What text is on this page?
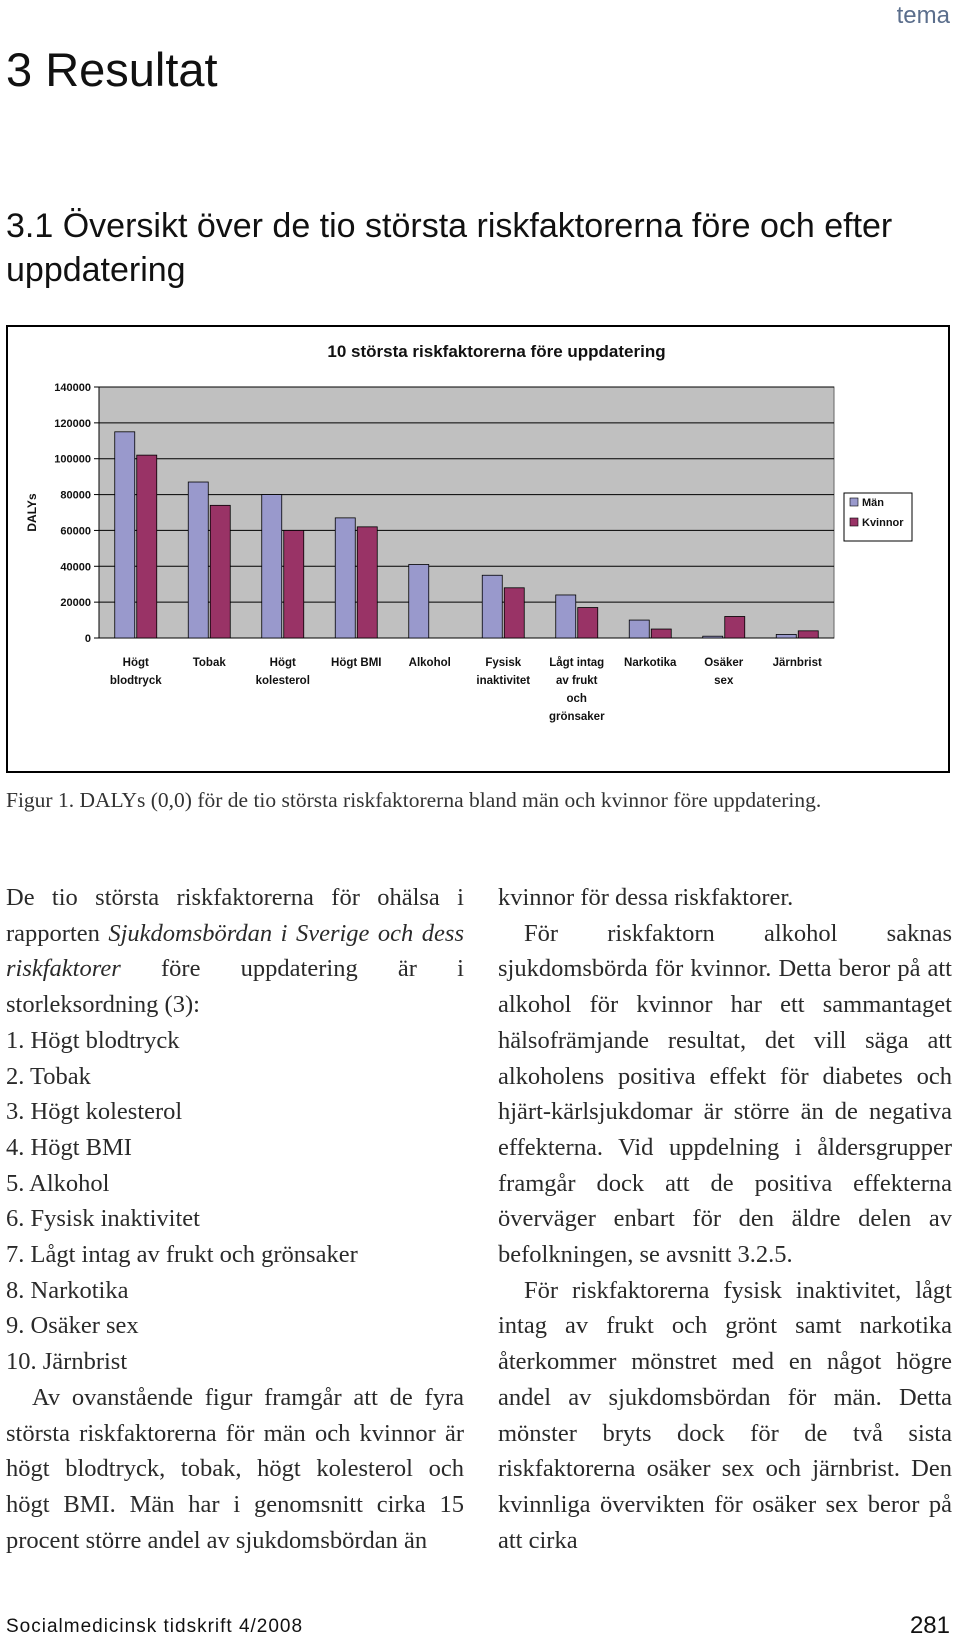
tema
3 Resultat
3.1 Översikt över de tio största riskfaktorerna före och efter uppdatering
10 största riskfaktorerna före uppdatering
0
20000
40000
60000
80000
100000
120000
140000
DALYs
Högt
blodtryck
Tobak	Högt
kolesterol
Högt BMI Alkohol	Fysisk
inaktivitet
Lågt intag
av frukt
och
grönsaker
Narkotika Osäker
sex
Järnbrist
Män
Kvinnor
Figur 1. DALYs (0,0) för de tio största riskfaktorerna bland män och kvinnor före uppdatering.

De tio största riskfaktorerna för ohälsa i rapporten Sjukdomsbördan i Sverige och dess riskfaktorer före uppdatering är i storleksordning (3):

1. Högt blodtryck

2. Tobak

3. Högt kolesterol

4. Högt BMI

5. Alkohol

6. Fysisk inaktivitet

7. Lågt intag av frukt och grönsaker

8. Narkotika

9. Osäker sex

10. Järnbrist

Av ovanstående figur framgår att de fyra största riskfaktorerna för män och kvinnor är högt blodtryck, tobak, högt kolesterol och högt BMI. Män har i genomsnitt cirka 15 procent större andel av sjukdomsbördan än

kvinnor för dessa riskfaktorer.

För riskfaktorn alkohol saknas sjukdomsbörda för kvinnor. Detta beror på att alkohol för kvinnor har ett sammantaget hälsofrämjande resultat, det vill säga att alkoholens positiva effekt för diabetes och hjärt-kärlsjukdomar är större än de negativa effekterna. Vid uppdelning i åldersgrupper framgår dock att de positiva effekterna överväger enbart för den äldre delen av befolkningen, se avsnitt 3.2.5.

För riskfaktorerna fysisk inaktivitet, lågt intag av frukt och grönt samt narkotika återkommer mönstret med en något högre andel av sjukdomsbördan för män. Detta mönster bryts dock för de två sista riskfaktorerna osäker sex och järnbrist. Den kvinnliga övervikten för osäker sex beror på att cirka

Socialmedicinsk tidskrift 4/2008	281
